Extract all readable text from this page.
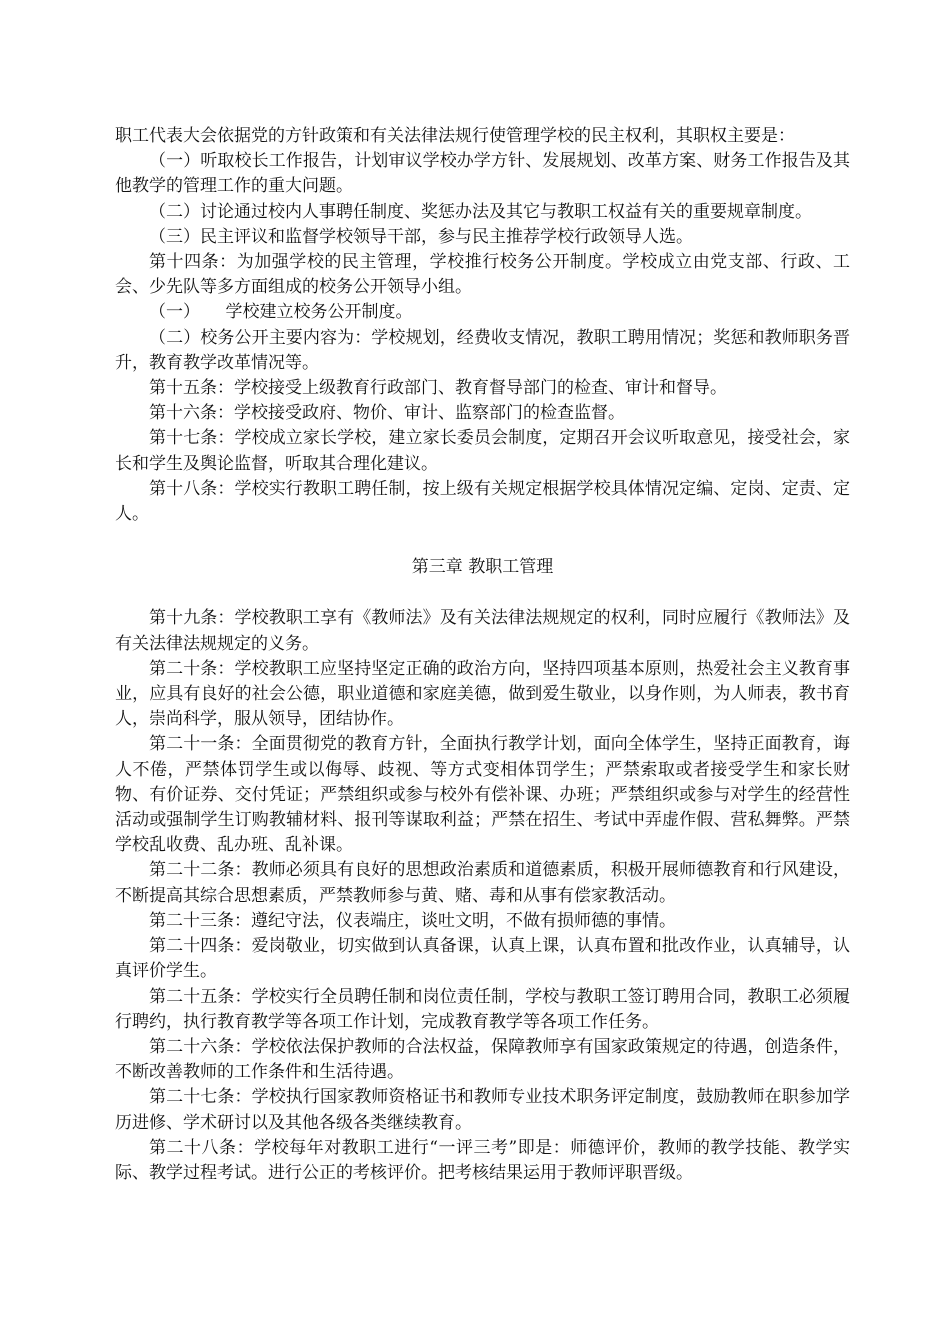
职工代表大会依据党的方针政策和有关法律法规行使管理学校的民主权利，其职权主要是：

（一）听取校长工作报告，计划审议学校办学方针、发展规划、改革方案、财务工作报告及其他教学的管理工作的重大问题。

（二）讨论通过校内人事聘任制度、奖惩办法及其它与教职工权益有关的重要规章制度。

（三）民主评议和监督学校领导干部，参与民主推荐学校行政领导人选。

第十四条：为加强学校的民主管理，学校推行校务公开制度。学校成立由党支部、行政、工会、少先队等多方面组成的校务公开领导小组。

（一）　　学校建立校务公开制度。

（二）校务公开主要内容为：学校规划，经费收支情况，教职工聘用情况；奖惩和教师职务晋升，教育教学改革情况等。

第十五条：学校接受上级教育行政部门、教育督导部门的检查、审计和督导。

第十六条：学校接受政府、物价、审计、监察部门的检查监督。

第十七条：学校成立家长学校，建立家长委员会制度，定期召开会议听取意见，接受社会，家长和学生及舆论监督，听取其合理化建议。

第十八条：学校实行教职工聘任制，按上级有关规定根据学校具体情况定编、定岗、定责、定人。

第三章 教职工管理

第十九条：学校教职工享有《教师法》及有关法律法规规定的权利，同时应履行《教师法》及有关法律法规规定的义务。

第二十条：学校教职工应坚持坚定正确的政治方向，坚持四项基本原则，热爱社会主义教育事业，应具有良好的社会公德，职业道德和家庭美德，做到爱生敬业，以身作则，为人师表，教书育人，崇尚科学，服从领导，团结协作。

第二十一条：全面贯彻党的教育方针，全面执行教学计划，面向全体学生，坚持正面教育，诲人不倦，严禁体罚学生或以侮辱、歧视、等方式变相体罚学生；严禁索取或者接受学生和家长财物、有价证券、交付凭证；严禁组织或参与校外有偿补课、办班；严禁组织或参与对学生的经营性活动或强制学生订购教辅材料、报刊等谋取利益；严禁在招生、考试中弄虚作假、营私舞弊。严禁学校乱收费、乱办班、乱补课。

第二十二条：教师必须具有良好的思想政治素质和道德素质，积极开展师德教育和行风建设，不断提高其综合思想素质，严禁教师参与黄、赌、毒和从事有偿家教活动。

第二十三条：遵纪守法，仪表端庄，谈吐文明，不做有损师德的事情。

第二十四条：爱岗敬业，切实做到认真备课，认真上课，认真布置和批改作业，认真辅导，认真评价学生。

第二十五条：学校实行全员聘任制和岗位责任制，学校与教职工签订聘用合同，教职工必须履行聘约，执行教育教学等各项工作计划，完成教育教学等各项工作任务。

第二十六条：学校依法保护教师的合法权益，保障教师享有国家政策规定的待遇，创造条件，不断改善教师的工作条件和生活待遇。

第二十七条：学校执行国家教师资格证书和教师专业技术职务评定制度，鼓励教师在职参加学历进修、学术研讨以及其他各级各类继续教育。

第二十八条：学校每年对教职工进行“一评三考”即是：师德评价，教师的教学技能、教学实际、教学过程考试。进行公正的考核评价。把考核结果运用于教师评职晋级。
